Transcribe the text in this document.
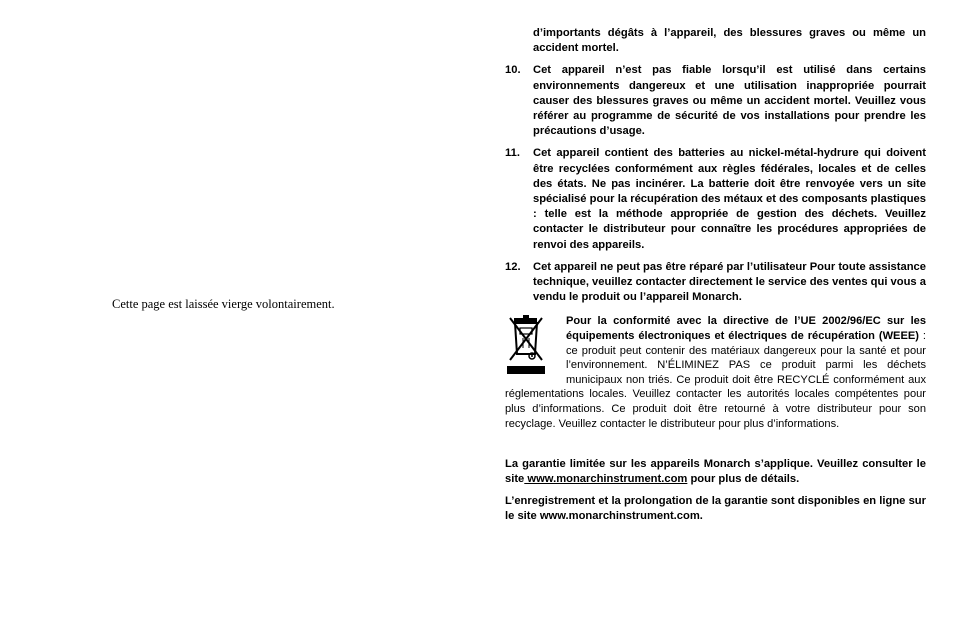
Cette page est laissée vierge volontairement.
d’importants dégâts à l’appareil, des blessures graves ou même un accident mortel.
10.	Cet appareil n’est pas fiable lorsqu’il est utilisé dans certains environnements dangereux et une utilisation inappropriée pourrait causer des blessures graves ou même un accident mortel. Veuillez vous référer au programme de sécurité de vos installations pour prendre les précautions d’usage.
11.	Cet appareil contient des batteries au nickel-métal-hydrure qui doivent être recyclées conformément aux règles fédérales, locales et de celles des états. Ne pas incinérer. La batterie doit être renvoyée vers un site spécialisé pour la récupération des métaux et des composants plastiques : telle est la méthode appropriée de gestion des déchets. Veuillez contacter le distributeur pour connaître les procédures appropriées de renvoi des appareils.
12.	Cet appareil ne peut pas être réparé par l’utilisateur Pour toute assistance technique, veuillez contacter directement le service des ventes qui vous a vendu le produit ou l’appareil Monarch.
Pour la conformité avec la directive de l’UE 2002/96/EC sur les équipements électroniques et électriques de récupération (WEEE) : ce produit peut contenir des matériaux dangereux pour la santé et pour l’environnement. N’ÉLIMINEZ PAS ce produit parmi les déchets municipaux non triés. Ce produit doit être RECYCLÉ conformément aux réglementations locales. Veuillez contacter les autorités locales compétentes pour plus d’informations. Ce produit doit être retourné à votre distributeur pour son recyclage. Veuillez contacter le distributeur pour plus d’informations.
La garantie limitée sur les appareils Monarch s’applique. Veuillez consulter le site www.monarchinstrument.com pour plus de détails.
L’enregistrement et la prolongation de la garantie sont disponibles en ligne sur le site www.monarchinstrument.com.
